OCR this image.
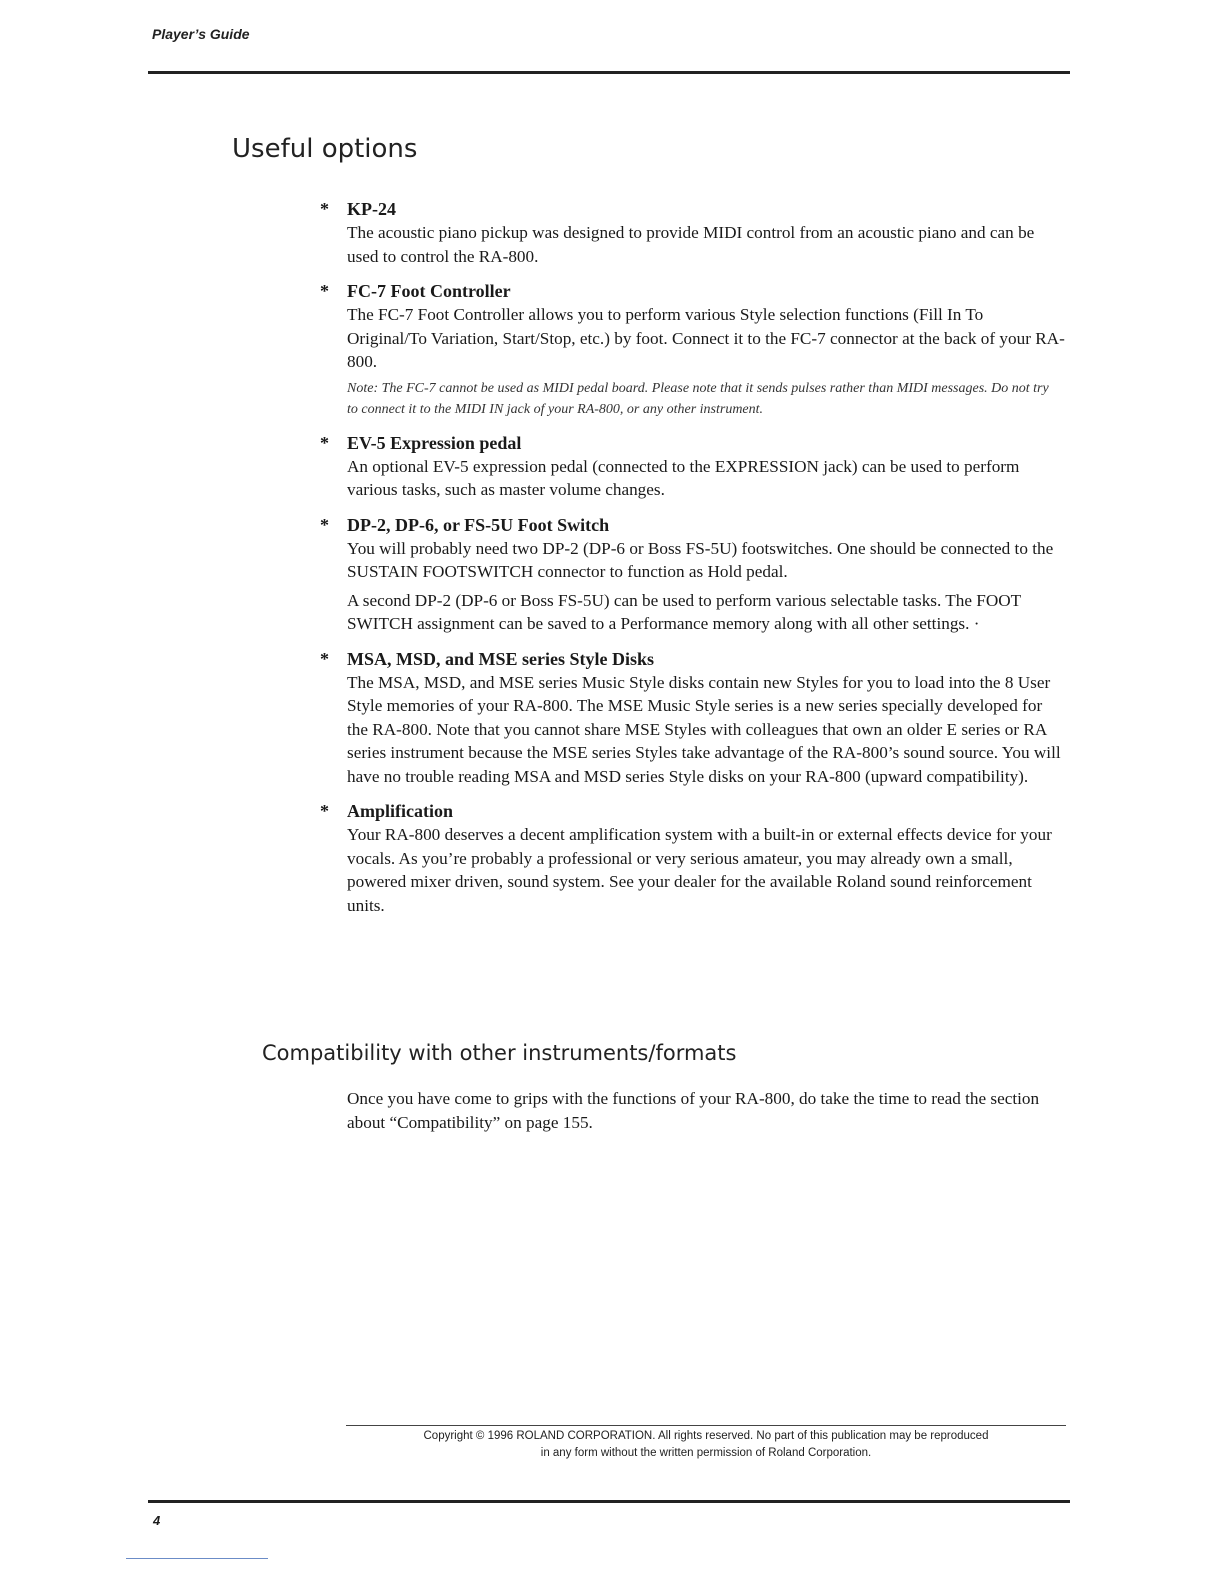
Player’s Guide
Useful options
* KP-24

The acoustic piano pickup was designed to provide MIDI control from an acoustic piano and can be used to control the RA-800.

* FC-7 Foot Controller

The FC-7 Foot Controller allows you to perform various Style selection functions (Fill In To Original/To Variation, Start/Stop, etc.) by foot. Connect it to the FC-7 connector at the back of your RA-800.

Note: The FC-7 cannot be used as MIDI pedal board. Please note that it sends pulses rather than MIDI messages. Do not try to connect it to the MIDI IN jack of your RA-800, or any other instrument.

* EV-5 Expression pedal

An optional EV-5 expression pedal (connected to the EXPRESSION jack) can be used to perform various tasks, such as master volume changes.

* DP-2, DP-6, or FS-5U Foot Switch

You will probably need two DP-2 (DP-6 or Boss FS-5U) footswitches. One should be connected to the SUSTAIN FOOTSWITCH connector to function as Hold pedal.

A second DP-2 (DP-6 or Boss FS-5U) can be used to perform various selectable tasks. The FOOT SWITCH assignment can be saved to a Performance memory along with all other settings. ·

* MSA, MSD, and MSE series Style Disks

The MSA, MSD, and MSE series Music Style disks contain new Styles for you to load into the 8 User Style memories of your RA-800. The MSE Music Style series is a new series specially developed for the RA-800. Note that you cannot share MSE Styles with colleagues that own an older E series or RA series instrument because the MSE series Styles take advantage of the RA-800’s sound source. You will have no trouble reading MSA and MSD series Style disks on your RA-800 (upward compatibility).

* Amplification

Your RA-800 deserves a decent amplification system with a built-in or external effects device for your vocals. As you’re probably a professional or very serious amateur, you may already own a small, powered mixer driven, sound system. See your dealer for the available Roland sound reinforcement units.

Compatibility with other instruments/formats

Once you have come to grips with the functions of your RA-800, do take the time to read the section about “Compatibility” on page 155.

Copyright © 1996 ROLAND CORPORATION. All rights reserved. No part of this publication may be reproduced
in any form without the written permission of Roland Corporation.

4
